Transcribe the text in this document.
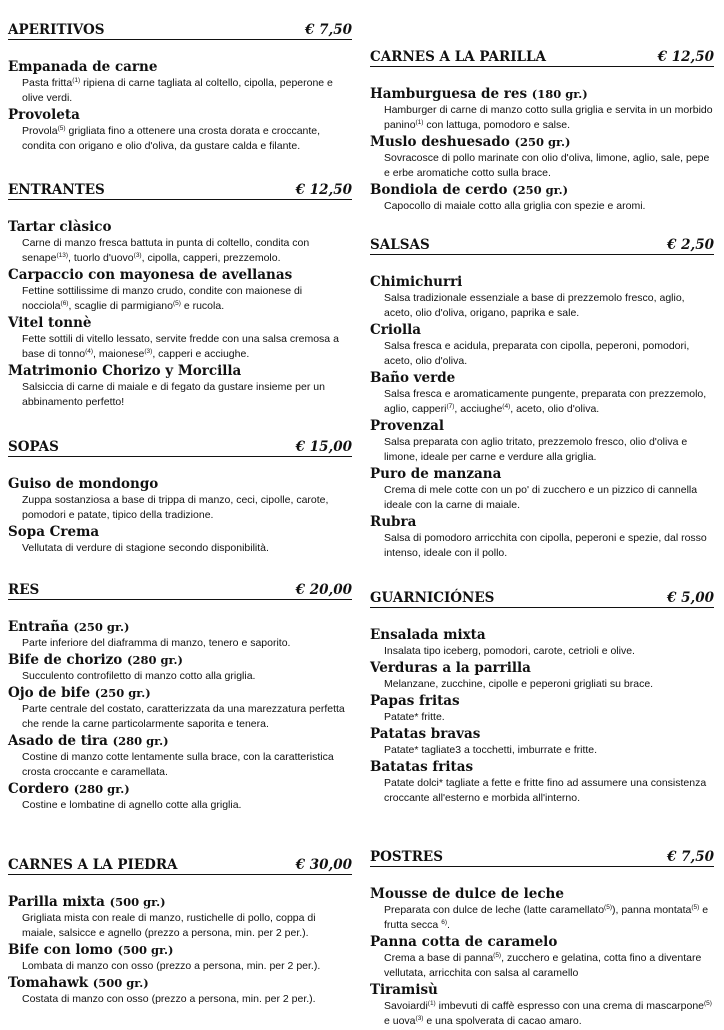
APERITIVOS	€ 7,50
Empanada de carne
Pasta fritta$^{(1)}$ ripiena di carne tagliata al coltello, cipolla, peperone e olive verdi.
Provoleta
Provola$^{(5)}$ grigliata fino a ottenere una crosta dorata e croccante, condita con origano e olio d'oliva, da gustare calda e filante.
ENTRANTES	€ 12,50
Tartar clàsico
Carne di manzo fresca battuta in punta di coltello, condita con senape$^{(13)}$, tuorlo d'uovo$^{(3)}$, cipolla, capperi, prezzemolo.
Carpaccio con mayonesa de avellanas
Fettine sottilissime di manzo crudo, condite con maionese di nocciola$^{(6)}$, scaglie di parmigiano$^{(5)}$ e rucola.
Vitel tonnè
Fette sottili di vitello lessato, servite fredde con una salsa cremosa a base di tonno$^{(4)}$, maionese$^{(3)}$, capperi e acciughe.
Matrimonio Chorizo y Morcilla
Salsiccia di carne di maiale e di fegato da gustare insieme per un abbinamento perfetto!
SOPAS	€ 15,00
Guiso de mondongo
Zuppa sostanziosa a base di trippa di manzo, ceci, cipolle, carote, pomodori e patate, tipico della tradizione.
Sopa Crema
Vellutata di verdure di stagione secondo disponibilità.
RES	€ 20,00
Entraña (250 gr.)
Parte inferiore del diaframma di manzo, tenero e saporito.
Bife de chorizo (280 gr.)
Succulento controfiletto di manzo cotto alla griglia.
Ojo de bife (250 gr.)
Parte centrale del costato, caratterizzata da una marezzatura perfetta che rende la carne particolarmente saporita e tenera.
Asado de tira (280 gr.)
Costine di manzo cotte lentamente sulla brace, con la caratteristica crosta croccante e caramellata.
Cordero (280 gr.)
Costine e lombatine di agnello cotte alla griglia.
CARNES A LA PIEDRA	€ 30,00
Parilla mixta (500 gr.)
Grigliata mista con reale di manzo, rustichelle di pollo, coppa di maiale, salsicce e agnello (prezzo a persona, min. per 2 per.).
Bife con lomo (500 gr.)
Lombata di manzo con osso (prezzo a persona, min. per 2 per.).
Tomahawk (500 gr.)
Costata di manzo con osso (prezzo a persona, min. per 2 per.).
CARNES A LA PARILLA	€ 12,50
Hamburguesa de res (180 gr.)
Hamburger di carne di manzo cotto sulla griglia e servita in un morbido panino$^{(1)}$ con lattuga, pomodoro e salse.
Muslo deshuesado (250 gr.)
Sovracosce di pollo marinate con olio d'oliva, limone, aglio, sale, pepe e erbe aromatiche cotto sulla brace.
Bondiola de cerdo (250 gr.)
Capocollo di maiale cotto alla griglia con spezie e aromi.
SALSAS	€ 2,50
Chimichurri
Salsa tradizionale essenziale a base di prezzemolo fresco, aglio, aceto, olio d'oliva, origano, paprika e sale.
Criolla
Salsa fresca e acidula, preparata con cipolla, peperoni, pomodori, aceto, olio d'oliva.
Baño verde
Salsa fresca e aromaticamente pungente, preparata con prezzemolo, aglio, capperi$^{(7)}$, acciughe$^{(4)}$, aceto, olio d'oliva.
Provenzal
Salsa preparata con aglio tritato, prezzemolo fresco, olio d'oliva e limone, ideale per carne e verdure alla griglia.
Puro de manzana
Crema di mele cotte con un po' di zucchero e un pizzico di cannella ideale con la carne di maiale.
Rubra
Salsa di pomodoro arricchita con cipolla, peperoni e spezie, dal rosso intenso, ideale con il pollo.
GUARNICIÓNES	€ 5,00
Ensalada mixta
Insalata tipo iceberg, pomodori, carote, cetrioli e olive.
Verduras a la parrilla
Melanzane, zucchine, cipolle e peperoni grigliati su brace.
Papas fritas
Patate* fritte.
Patatas bravas
Patate* tagliate3 a tocchetti, imburrate e fritte.
Batatas fritas
Patate dolci* tagliate a fette e fritte fino ad assumere una consistenza croccante all'esterno e morbida all'interno.
POSTRES	€ 7,50
Mousse de dulce de leche
Preparata con dulce de leche (latte caramellato$^{(5)}$), panna montata$^{(5)}$ e frutta secca $^{6)}$.
Panna cotta de caramelo
Crema a base di panna$^{(5)}$, zucchero e gelatina, cotta fino a diventare vellutata, arricchita con salsa al caramello
Tiramisù
Savoiardi$^{(1)}$ imbevuti di caffè espresso con una crema di mascarpone$^{(5)}$ e uova$^{(3)}$ e una spolverata di cacao amaro.
